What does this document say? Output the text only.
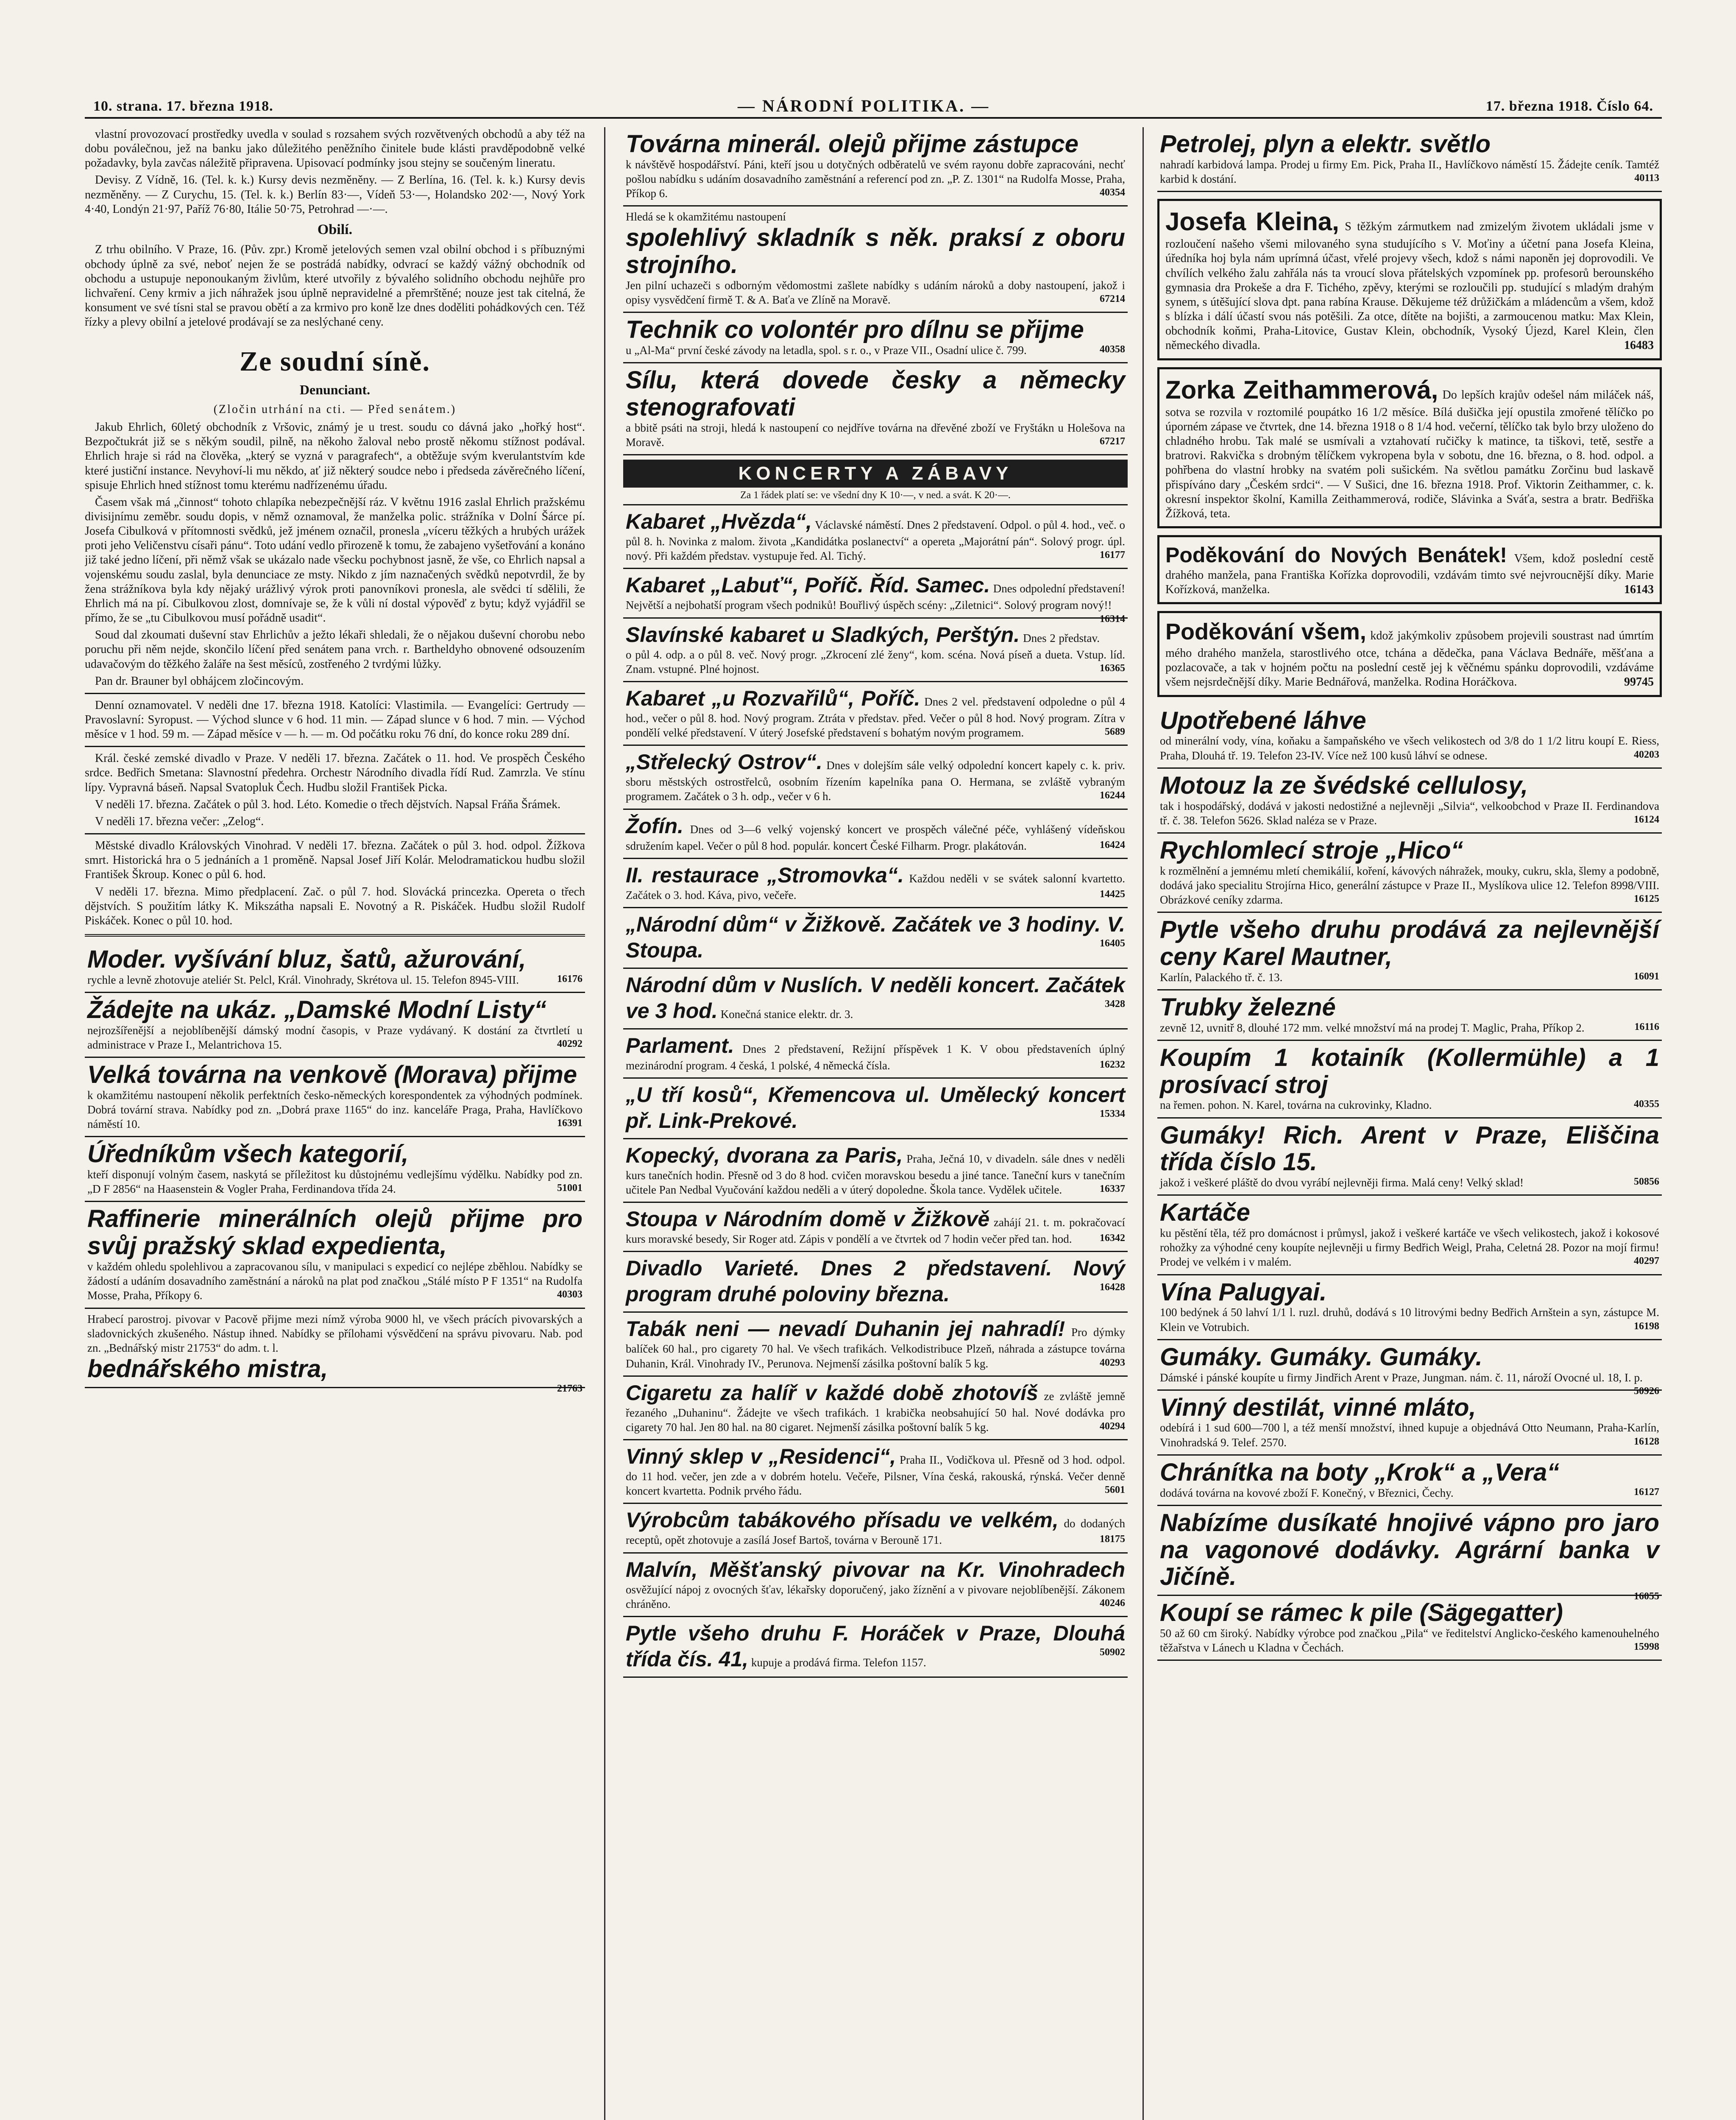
10. strana. 17. března 1918.	— NÁRODNÍ POLITIKA. —	17. března 1918. Číslo 64.

vlastní provozovací prostředky uvedla v soulad s rozsahem svých rozvětvených obchodů a aby též na dobu poválečnou, jež na banku jako důležitého peněžního činitele bude klásti pravděpodobně velké požadavky, byla zavčas náležitě připravena. Upisovací podmínky jsou stejny se součeným lineratu.

Devisy. Z Vídně, 16. (Tel. k. k.) Kursy devis nezměněny. — Z Berlína, 16. (Tel. k. k.) Kursy devis nezměněny. — Z Curychu, 15. (Tel. k. k.) Berlín 83·—, Vídeň 53·—, Holandsko 202·—, Nový York 4·40, Londýn 21·97, Paříž 76·80, Itálie 50·75, Petrohrad —·—.

Obilí.

Z trhu obilního. V Praze, 16. (Pův. zpr.) Kromě jetelových semen vzal obilní obchod i s příbuznými obchody úplně za své, neboť nejen že se postrádá nabídky, odvrací se každý vážný obchodník od obchodu a ustupuje neponoukaným živlům, které utvořily z bývalého solidního obchodu nejhůře pro lichvaření. Ceny krmiv a jich náhražek jsou úplně nepravidelné a přemrštěné; nouze jest tak citelná, že konsument ve své tísni stal se pravou obětí a za krmivo pro koně lze dnes doděliti pohádkových cen. Též řízky a plevy obilní a jetelové prodávají se za neslýchané ceny.

Ze soudní síně.
Denunciant.
(Zločin utrhání na cti. — Před senátem.)

Jakub Ehrlich, 60letý obchodník z Vršovic, známý je u trest. soudu co dávná jako „hořký host“. Bezpočtukrát již se s někým soudil, pilně, na někoho žaloval nebo prostě někomu stížnost podával. Ehrlich hraje si rád na člověka, „který se vyzná v paragrafech“, a obtěžuje svým kverulantstvím kde které justiční instance. Nevyhoví-li mu někdo, ať již některý soudce nebo i předseda závěrečného líčení, spisuje Ehrlich hned stížnost tomu kterému nadřízenému úřadu.

Časem však má „činnost“ tohoto chlapíka nebezpečnější ráz. V květnu 1916 zaslal Ehrlich pražskému divisijnímu zeměbr. soudu dopis, v němž oznamoval, že manželka polic. strážníka v Dolní Šárce pí. Josefa Cibulková v přítomnosti svědků, jež jménem označil, pronesla „víceru těžkých a hrubých urážek proti jeho Veličenstvu císaři pánu“. Toto udání vedlo přirozeně k tomu, že zabajeno vyšetřování a konáno již také jedno líčení, při němž však se ukázalo nade všecku pochybnost jasně, že vše, co Ehrlich napsal a vojenskému soudu zaslal, byla denunciace ze msty. Nikdo z jím naznačených svědků nepotvrdil, že by žena strážníkova byla kdy nějaký urážlivý výrok proti panovníkovi pronesla, ale svědci tí sdělili, že Ehrlich má na pí. Cibulkovou zlost, domnívaje se, že k vůli ní dostal výpověď z bytu; když vyjádřil se přímo, že se „tu Cibulkovou musí pořádně usadit“.

Soud dal zkoumati duševní stav Ehrlichův a ježto lékaři shledali, že o nějakou duševní chorobu nebo poruchu při něm nejde, skončilo líčení před senátem pana vrch. r. Bartheldyho obnovené odsouzením udavačovým do těžkého žaláře na šest měsíců, zostřeného 2 tvrdými lůžky.

Pan dr. Brauner byl obhájcem zločincovým.

Denní oznamovatel. V neděli dne 17. března 1918. Katolíci: Vlastimila. — Evangelíci: Gertrudy — Pravoslavní: Syropust. — Východ slunce v 6 hod. 11 min. — Západ slunce v 6 hod. 7 min. — Východ měsíce v 1 hod. 59 m. — Západ měsíce v — h. — m. Od počátku roku 76 dní, do konce roku 289 dní.

Král. české zemské divadlo v Praze. V neděli 17. března. Začátek o 11. hod. Ve prospěch Českého srdce. Bedřich Smetana: Slavnostní předehra. Orchestr Národního divadla řídí Rud. Zamrzla. Ve stínu lípy. Vypravná báseň. Napsal Svatopluk Čech. Hudbu složil František Picka.

V neděli 17. března. Začátek o půl 3. hod. Léto. Komedie o třech dějstvích. Napsal Fráňa Šrámek.

V neděli 17. března večer: „Zelog“.

Městské divadlo Královských Vinohrad. V neděli 17. března. Začátek o půl 3. hod. odpol. Žížkova smrt. Historická hra o 5 jednáních a 1 proměně. Napsal Josef Jiří Kolár. Melodramatickou hudbu složil František Škroup. Konec o půl 6. hod.

V neděli 17. března. Mimo předplacení. Zač. o půl 7. hod. Slovácká princezka. Opereta o třech dějstvích. S použitím látky K. Mikszátha napsali E. Novotný a R. Piskáček. Hudbu složil Rudolf Piskáček. Konec o půl 10. hod.

Moder. vyšívání bluz, šatů, ažurování,
rychle a levně zhotovuje ateliér St. Pelcl, Král. Vinohrady, Skrétova ul. 15. Telefon 8945-VIII.	16176
Žádejte na ukáz. „Damské Modní Listy“
nejrozšířenější a nejoblíbenější dámský modní časopis, v Praze vydávaný. K dostání za čtvrtletí u administrace v Praze I., Melantrichova 15.	40292
Velká továrna na venkově (Morava) přijme
k okamžitému nastoupení několik perfektních česko-německých korespondentek za výhodných podmínek. Dobrá tovární strava. Nabídky pod zn. „Dobrá praxe 1165“ do inz. kanceláře Praga, Praha, Havlíčkovo náměstí 10.	16391
Úředníkům všech kategorií,
kteří disponují volným časem, naskytá se příležitost ku důstojnému vedlejšímu výdělku. Nabídky pod zn. „D F 2856“ na Haasenstein & Vogler Praha, Ferdinandova třída 24.	51001
Raffinerie minerálních olejů přijme pro svůj pražský sklad expedienta,
v každém ohledu spolehlivou a zapracovanou sílu, v manipulaci s expedicí co nejlépe zběhlou. Nabídky se žádostí a udáním dosavadního zaměstnání a nároků na plat pod značkou „Stálé místo P F 1351“ na Rudolfa Mosse, Praha, Příkopy 6.	40303
Hrabecí parostroj. pivovar v Pacově přijme mezi nímž výroba 9000 hl, ve všech prácích pivovarských a sladovnických zkušeného. Nástup ihned. Nabídky se přílohami výsvědčení na správu pivovaru. Nab. pod zn. „Bednářský mistr 21753“ do adm. t. l.
bednářského mistra,
21763
Továrna minerál. olejů přijme zástupce
k návštěvě hospodářství. Páni, kteří jsou u dotyčných odběratelů ve svém rayonu dobře zapracováni, nechť pošlou nabídku s udáním dosavadního zaměstnání a referencí pod zn. „P. Z. 1301“ na Rudolfa Mosse, Praha, Příkop 6.	40354
Hledá se k okamžitému nastoupení
spolehlivý skladník s něk. praksí z oboru strojního.
Jen pilní uchazeči s odborným vědomostmi zašlete nabídky s udáním nároků a doby nastoupení, jakož i opisy vysvědčení firmě T. & A. Baťa ve Zlíně na Moravě.	67214
Technik co volontér pro dílnu se přijme
u „Al-Ma“ první české závody na letadla, spol. s r. o., v Praze VII., Osadní ulice č. 799.	40358
Sílu, která dovede česky a německy stenografovati
a bbitě psáti na stroji, hledá k nastoupení co nejdříve továrna na dřevěné zboží ve Fryštákn u Holešova na Moravě.	67217
KONCERTY A ZÁBAVY
Za 1 řádek platí se: ve všední dny K 10·—, v ned. a svát. K 20·—.
Kabaret „Hvězda“, Václavské náměstí. Dnes 2 představení. Odpol. o půl 4. hod., več. o půl 8. h. Novinka z malom. života „Kandidátka poslanectví“ a opereta „Majorátní pán“. Solový progr. úpl. nový. Při každém představ. vystupuje řed. Al. Tichý.	16177
Kabaret „Labuť“, Poříč. Říd. Samec. Dnes odpolední představení! Největší a nejbohatší program všech podniků! Bouřlivý úspěch scény: „Ziletnici“. Solový program nový!!
16314
Slavínské kabaret u Sladkých, Perštýn. Dnes 2 představ. o půl 4. odp. a o půl 8. več. Nový progr. „Zkrocení zlé ženy“, kom. scéna. Nová píseň a dueta. Vstup. líd. Znam. vstupné. Plné hojnost.	16365
Kabaret „u Rozvařilů“, Poříč. Dnes 2 vel. představení odpoledne o půl 4 hod., večer o půl 8. hod. Nový program. Ztráta v představ. před. Večer o půl 8 hod. Nový program. Zítra v pondělí velké představení. V úterý Josefské představení s bohatým novým programem.	5689
„Střelecký Ostrov“. Dnes v dolejším sále velký odpolední koncert kapely c. k. priv. sboru městských ostrostřelců, osobním řízením kapelníka pana O. Hermana, se zvláště vybraným programem. Začátek o 3 h. odp., večer v 6 h.	16244
Žofín. Dnes od 3—6 velký vojenský koncert ve prospěch válečné péče, vyhlášený vídeňskou sdružením kapel. Večer o půl 8 hod. populár. koncert České Filharm. Progr. plakátován.	16424
II. restaurace „Stromovka“. Každou neděli v se svátek salonní kvartetto. Začátek o 3. hod. Káva, pivo, večeře.	14425
„Národní dům“ v Žižkově. Začátek ve 3 hodiny. V. Stoupa.	16405
Národní dům v Nuslích. V neděli koncert. Začátek ve 3 hod. Konečná stanice elektr. dr. 3.
3428
Parlament. Dnes 2 představení, Režijní příspěvek 1 K. V obou představeních úplný mezinárodní program. 4 česká, 1 polské, 4 německá čísla.	16232
„U tří kosů“, Křemencova ul. Umělecký koncert př. Link-Prekové.	15334
Kopecký, dvorana za Paris, Praha, Ječná 10, v divadeln. sále dnes v neděli kurs tanečních hodin. Přesně od 3 do 8 hod. cvičen moravskou besedu a jiné tance. Taneční kurs v tanečním učitele Pan Nedbal Vyučování každou neděli a v úterý dopoledne. Škola tance. Vydělek učitele.	16337
Stoupa v Národním domě v Žižkově zahájí 21. t. m. pokračovací kurs moravské besedy, Sir Roger atd. Zápis v pondělí a ve čtvrtek od 7 hodin večer před tan. hod.	16342
Divadlo Varieté. Dnes 2 představení. Nový program druhé poloviny března.	16428
Tabák neni — nevadí Duhanin jej nahradí! Pro dýmky balíček 60 hal., pro cigarety 70 hal. Ve všech trafikách. Velkodistribuce Plzeň, náhrada a zástupce továrna Duhanin, Král. Vinohrady IV., Perunova. Nejmenší zásilka poštovní balík 5 kg.	40293
Cigaretu za halíř v každé době zhotovíš ze zvláště jemně řezaného „Duhaninu“. Žádejte ve všech trafikách. 1 krabička neobsahující 50 hal. Nové dodávka pro cigarety 70 hal. Jen 80 hal. na 80 cigaret. Nejmenší zásilka poštovní balík 5 kg.	40294
Vinný sklep v „Residenci“, Praha II., Vodičkova ul. Přesně od 3 hod. odpol. do 11 hod. večer, jen zde a v dobrém hotelu. Večeře, Pilsner, Vína česká, rakouská, rýnská. Večer denně koncert kvartetta. Podnik prvého řádu.	5601
Výrobcům tabákového přísadu ve velkém, do dodaných receptů, opět zhotovuje a zasílá Josef Bartoš, továrna v Berouně 171.	18175
Malvín, Měšťanský pivovar na Kr. Vinohradech osvěžující nápoj z ovocných šťav, lékařsky doporučený, jako žíznění a v pivovare nejoblíbenější. Zákonem chráněno.	40246
Pytle všeho druhu F. Horáček v Praze, Dlouhá třída čís. 41, kupuje a prodává firma. Telefon 1157.
50902
Petrolej, plyn a elektr. světlo
nahradí karbidová lampa. Prodej u firmy Em. Pick, Praha II., Havlíčkovo náměstí 15. Žádejte ceník. Tamtéž karbid k dostání.	40113
Josefa Kleina, S těžkým zármutkem nad zmizelým životem ukládali jsme v rozloučení našeho všemi milovaného syna studujícího s V. Moťiny a účetní pana Josefa Kleina, úředníka hoj byla nám uprímná účast, vřelé projevy všech, kdož s námi naponěn jej doprovodili. Ve chvílích velkého žalu zahřála nás ta vroucí slova přátelských vzpomínek pp. profesorů berounského gymnasia dra Prokeše a dra F. Tichého, zpěvy, kterými se rozloučili pp. studující s mladým drahým synem, s útěšující slova dpt. pana rabína Krause. Děkujeme též drůžičkám a mládencům a všem, kdož s blízka i dálí účastí svou nás potěšili. Za otce, dítěte na bojišti, a zarmoucenou matku: Max Klein, obchodník koňmi, Praha-Litovice, Gustav Klein, obchodník, Vysoký Újezd, Karel Klein, člen německého divadla.	16483
Zorka Zeithammerová, Do lepších krajův odešel nám miláček náš, sotva se rozvila v roztomilé poupátko 16 1/2 měsíce. Bílá dušička její opustila zmořené tělíčko po úporném zápase ve čtvrtek, dne 14. března 1918 o 8 1/4 hod. večerní, tělíčko tak bylo brzy uloženo do chladného hrobu. Tak malé se usmívali a vztahovatí ručičky k matince, ta tiškovi, tetě, sestře a bratrovi. Rakvička s drobným tělíčkem vykropena byla v sobotu, dne 16. března, o 8. hod. odpol. a pohřbena do vlastní hrobky na svatém poli sušickém. Na světlou památku Zorčinu bud laskavě přispíváno dary „Českém srdci“. — V Sušici, dne 16. března 1918. Prof. Viktorin Zeithammer, c. k. okresní inspektor školní, Kamilla Zeithammerová, rodiče, Slávinka a Sváťa, sestra a bratr. Bedřiška Žížková, teta.
Poděkování do Nových Benátek! Všem, kdož poslední cestě drahého manžela, pana Františka Kořízka doprovodili, vzdávám timto své nejvroucnější díky. Marie Kořízková, manželka.	16143
Poděkování všem, kdož jakýmkoliv způsobem projevili soustrast nad úmrtím mého drahého manžela, starostlivého otce, tchána a dědečka, pana Václava Bednáře, měšťana a pozlacovače, a tak v hojném počtu na poslední cestě jej k věčnému spánku doprovodili, vzdáváme všem nejsrdečnější díky. Marie Bednářová, manželka. Rodina Horáčkova.	99745
Upotřebené láhve
od minerální vody, vína, koňaku a šampaňského ve všech velikostech od 3/8 do 1 1/2 litru koupí E. Riess, Praha, Dlouhá tř. 19. Telefon 23-IV. Více než 100 kusů láhví se odnese.	40203
Motouz la ze švédské cellulosy,
tak i hospodářský, dodává v jakosti nedostižné a nejlevněji „Silvia“, velkoobchod v Praze II. Ferdinandova tř. č. 38. Telefon 5626. Sklad naléza se v Praze.	16124
Rychlomlecí stroje „Hico“
k rozmělnění a jemnému mletí chemikálií, koření, kávových náhražek, mouky, cukru, skla, šlemy a podobně, dodává jako specialitu Strojírna Hico, generální zástupce v Praze II., Myslíkova ulice 12. Telefon 8998/VIII. Obrázkové ceníky zdarma.	16125
Pytle všeho druhu prodává za nejlevnější ceny Karel Mautner,
Karlín, Palackého tř. č. 13.	16091
Trubky železné
zevně 12, uvnitř 8, dlouhé 172 mm. velké množství má na prodej T. Maglic, Praha, Příkop 2.	16116
Koupím 1 kotainík (Kollermühle) a 1 prosívací stroj
na řemen. pohon. N. Karel, továrna na cukrovinky, Kladno.	40355
Gumáky! Rich. Arent v Praze, Eliščina třída číslo 15.
jakož i veškeré pláště do dvou vyrábí nejlevněji firma. Malá ceny! Velký sklad!	50856
Kartáče
ku pěstění těla, též pro domácnost i průmysl, jakož i veškeré kartáče ve všech velikostech, jakož i kokosové rohožky za výhodné ceny koupíte nejlevněji u firmy Bedřich Weigl, Praha, Celetná 28. Pozor na mojí firmu! Prodej ve velkém i v malém.	40297
Vína Palugyai.
100 bedýnek á 50 lahví 1/1 l. ruzl. druhů, dodává s 10 litrovými bedny Bedřich Arnštein a syn, zástupce M. Klein ve Votrubich.	16198
Gumáky. Gumáky. Gumáky.
Dámské i pánské koupíte u firmy Jindřich Arent v Praze, Jungman. nám. č. 11, nároží Ovocné ul. 18, I. p.
50926
Vinný destilát, vinné mláto,
odebírá i 1 sud 600—700 l, a též menší množství, ihned kupuje a objednává Otto Neumann, Praha-Karlín, Vinohradská 9. Telef. 2570.	16128
Chránítka na boty „Krok“ a „Vera“
dodává továrna na kovové zboží F. Konečný, v Březnici, Čechy.	16127
Nabízíme dusíkaté hnojivé vápno pro jaro na vagonové dodávky. Agrární banka v Jičíně.
16055
Koupí se rámec k pile (Sägegatter)
50 až 60 cm široký. Nabídky výrobce pod značkou „Pila“ ve ředitelství Anglicko-českého kamenouhelného těžařstva v Lánech u Kladna v Čechách.	15998
